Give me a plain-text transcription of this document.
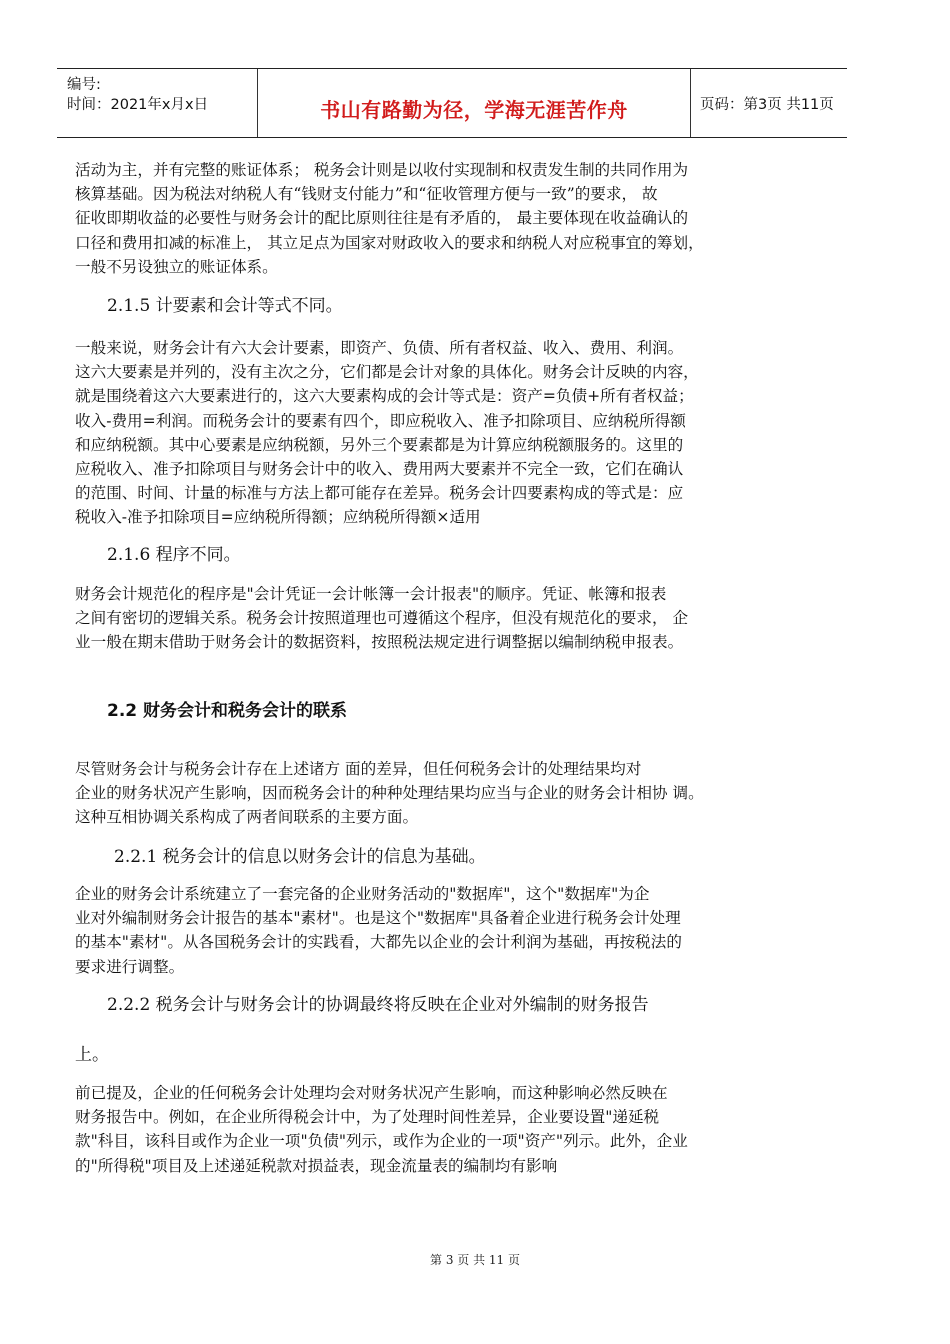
编号:
时间：2021年x月x日	书山有路勤为径，学海无涯苦作舟	页码：第3页 共11页
活动为主，并有完整的账证体系； 税务会计则是以收付实现制和权责发生制的共同作用为
核算基础。因为税法对纳税人有“钱财支付能力”和“征收管理方便与一致”的要求， 故
征收即期收益的必要性与财务会计的配比原则往往是有矛盾的， 最主要体现在收益确认的
口径和费用扣减的标准上， 其立足点为国家对财政收入的要求和纳税人对应税事宜的筹划，
一般不另设独立的账证体系。
2.1.5 计要素和会计等式不同。
一般来说，财务会计有六大会计要素，即资产、负债、所有者权益、收入、费用、利润。
这六大要素是并列的，没有主次之分，它们都是会计对象的具体化。财务会计反映的内容，
就是围绕着这六大要素进行的，这六大要素构成的会计等式是：资产=负债+所有者权益；
收入-费用=利润。而税务会计的要素有四个，即应税收入、准予扣除项目、应纳税所得额
和应纳税额。其中心要素是应纳税额，另外三个要素都是为计算应纳税额服务的。这里的
应税收入、准予扣除项目与财务会计中的收入、费用两大要素并不完全一致，它们在确认
的范围、时间、计量的标准与方法上都可能存在差异。税务会计四要素构成的等式是：应
税收入-准予扣除项目=应纳税所得额；应纳税所得额×适用
2.1.6 程序不同。
财务会计规范化的程序是"会计凭证一会计帐簿一会计报表"的顺序。凭证、帐簿和报表
之间有密切的逻辑关系。税务会计按照道理也可遵循这个程序，但没有规范化的要求， 企
业一般在期末借助于财务会计的数据资料，按照税法规定进行调整据以编制纳税申报表。
2.2 财务会计和税务会计的联系
尽管财务会计与税务会计存在上述诸方 面的差异，但任何税务会计的处理结果均对
企业的财务状况产生影响，因而税务会计的种种处理结果均应当与企业的财务会计相协 调。
这种互相协调关系构成了两者间联系的主要方面。
2.2.1 税务会计的信息以财务会计的信息为基础。
企业的财务会计系统建立了一套完备的企业财务活动的"数据库"，这个"数据库"为企
业对外编制财务会计报告的基本"素材"。也是这个"数据库"具备着企业进行税务会计处理
的基本"素材"。从各国税务会计的实践看，大都先以企业的会计利润为基础，再按税法的
要求进行调整。
2.2.2 税务会计与财务会计的协调最终将反映在企业对外编制的财务报告
上。
前已提及，企业的任何税务会计处理均会对财务状况产生影响，而这种影响必然反映在
财务报告中。例如，在企业所得税会计中，为了处理时间性差异，企业要设置"递延税
款"科目，该科目或作为企业一项"负债"列示，或作为企业的一项"资产"列示。此外，企业
的"所得税"项目及上述递延税款对损益表，现金流量表的编制均有影响
第 3 页 共 11 页
